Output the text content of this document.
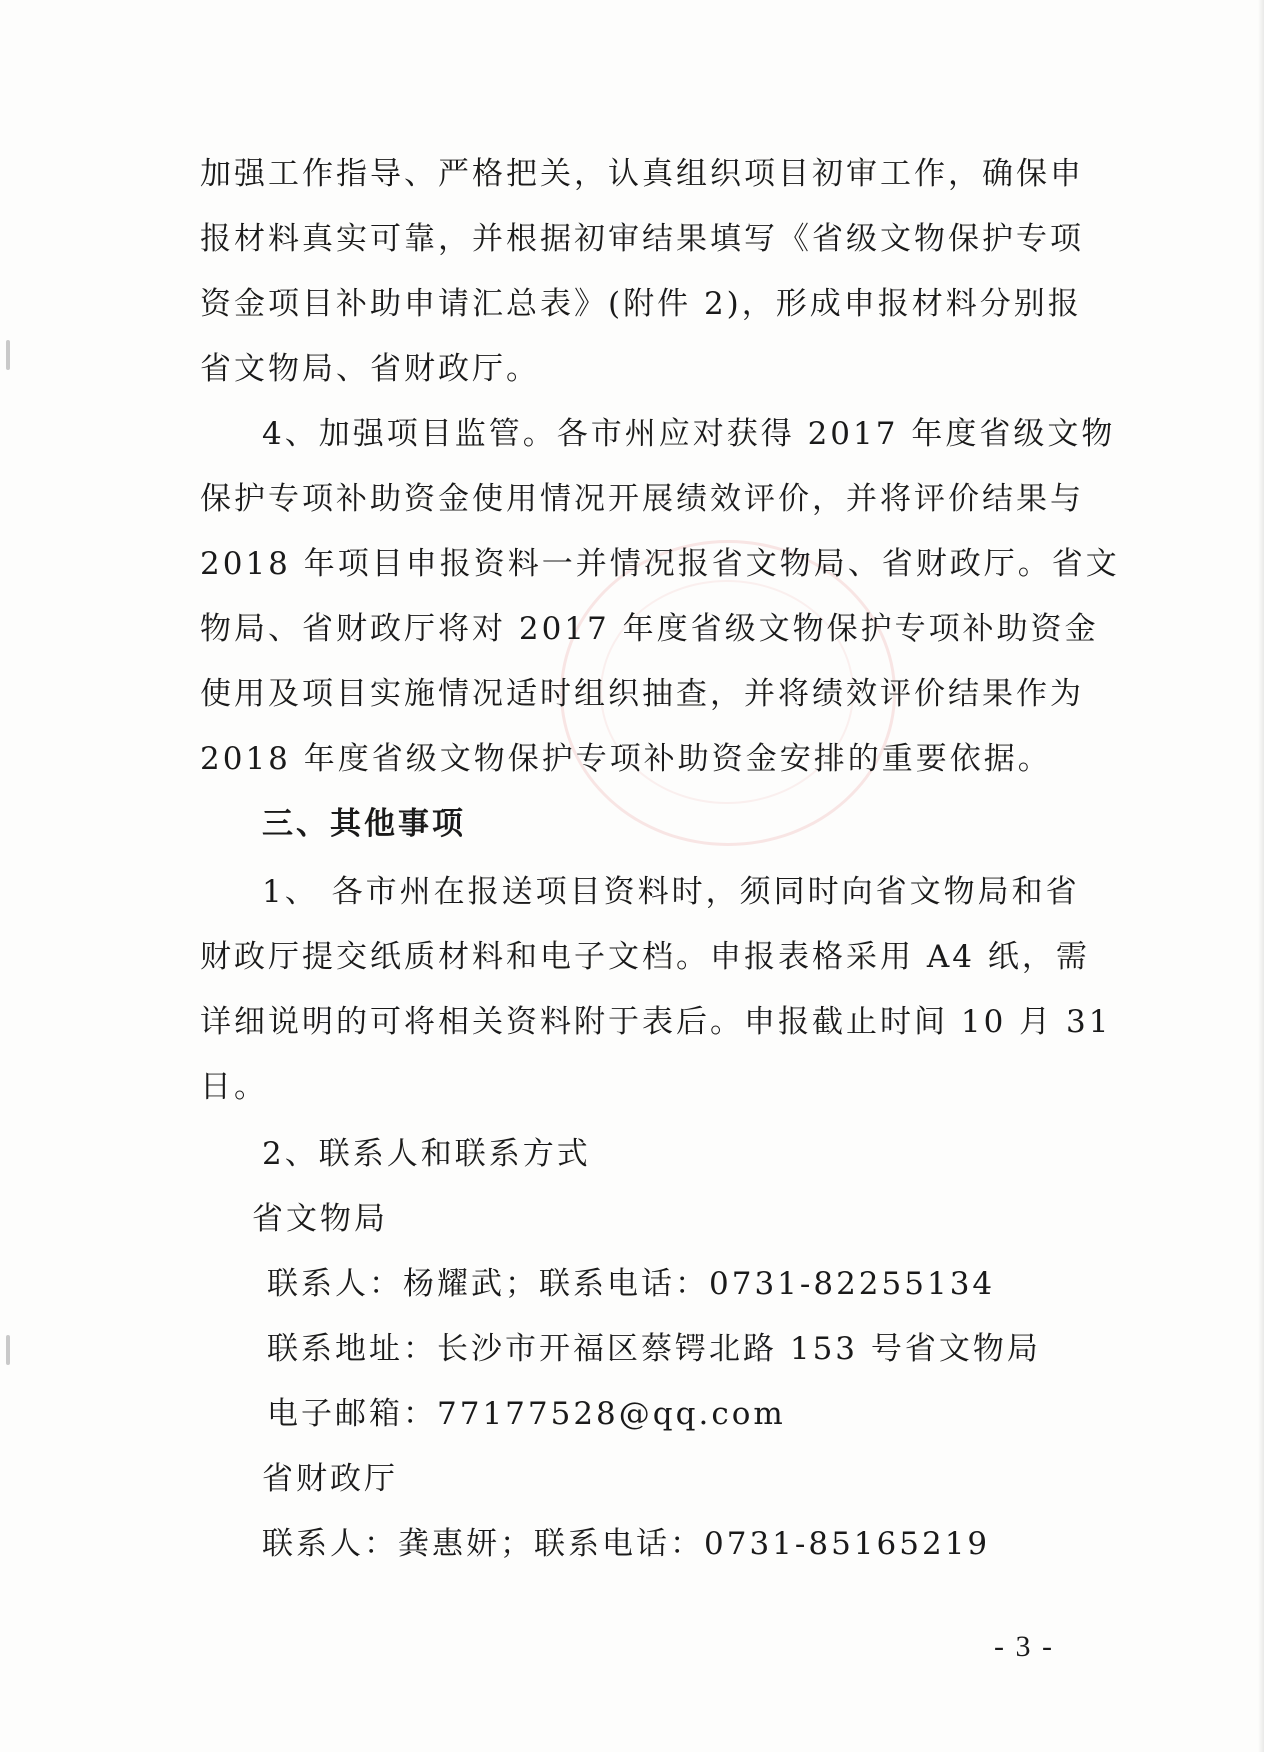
加强工作指导、严格把关，认真组织项目初审工作，确保申
报材料真实可靠，并根据初审结果填写《省级文物保护专项
资金项目补助申请汇总表》(附件 2)，形成申报材料分别报
省文物局、省财政厅。
4、加强项目监管。各市州应对获得 2017 年度省级文物
保护专项补助资金使用情况开展绩效评价，并将评价结果与
2018 年项目申报资料一并情况报省文物局、省财政厅。省文
物局、省财政厅将对 2017 年度省级文物保护专项补助资金
使用及项目实施情况适时组织抽查，并将绩效评价结果作为
2018 年度省级文物保护专项补助资金安排的重要依据。
三、其他事项
1、 各市州在报送项目资料时，须同时向省文物局和省
财政厅提交纸质材料和电子文档。申报表格采用 A4 纸，需
详细说明的可将相关资料附于表后。申报截止时间 10 月 31
日。
2、联系人和联系方式
省文物局
联系人：杨耀武；联系电话：0731-82255134
联系地址：长沙市开福区蔡锷北路 153 号省文物局
电子邮箱：77177528@qq.com
省财政厅
联系人：龚惠妍；联系电话：0731-85165219
- 3 -
